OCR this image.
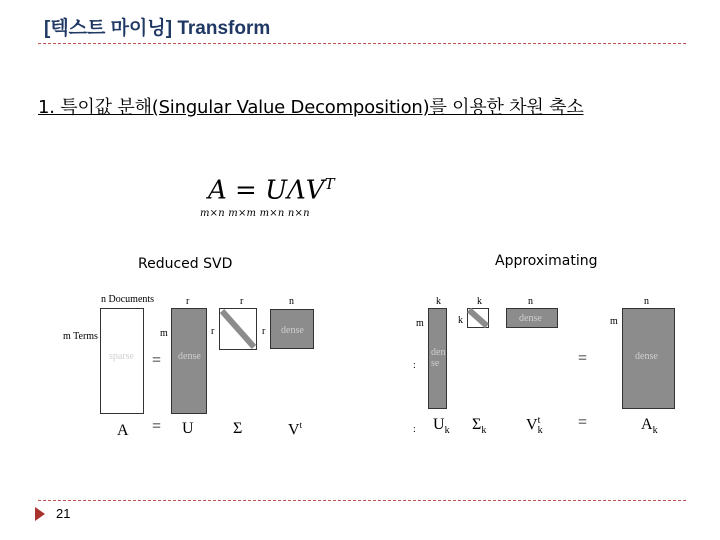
[텍스트 마이닝] Transform
1. 특이값 분해(Singular Value Decomposition)를 이용한 차원 축소
$A = U\Lambda V^T$
m×n m×m m×n n×n
Reduced SVD
n Documents
m Terms
sparse =
r
m
dense
r
r	r
n
dense
A = U Σ	$V^t$
Approximating
k
m
:
den se
k
k
n
dense
=
n
m
dense
: $U_k$ $\Sigma_k$ V t
k =	$A_k$
21
